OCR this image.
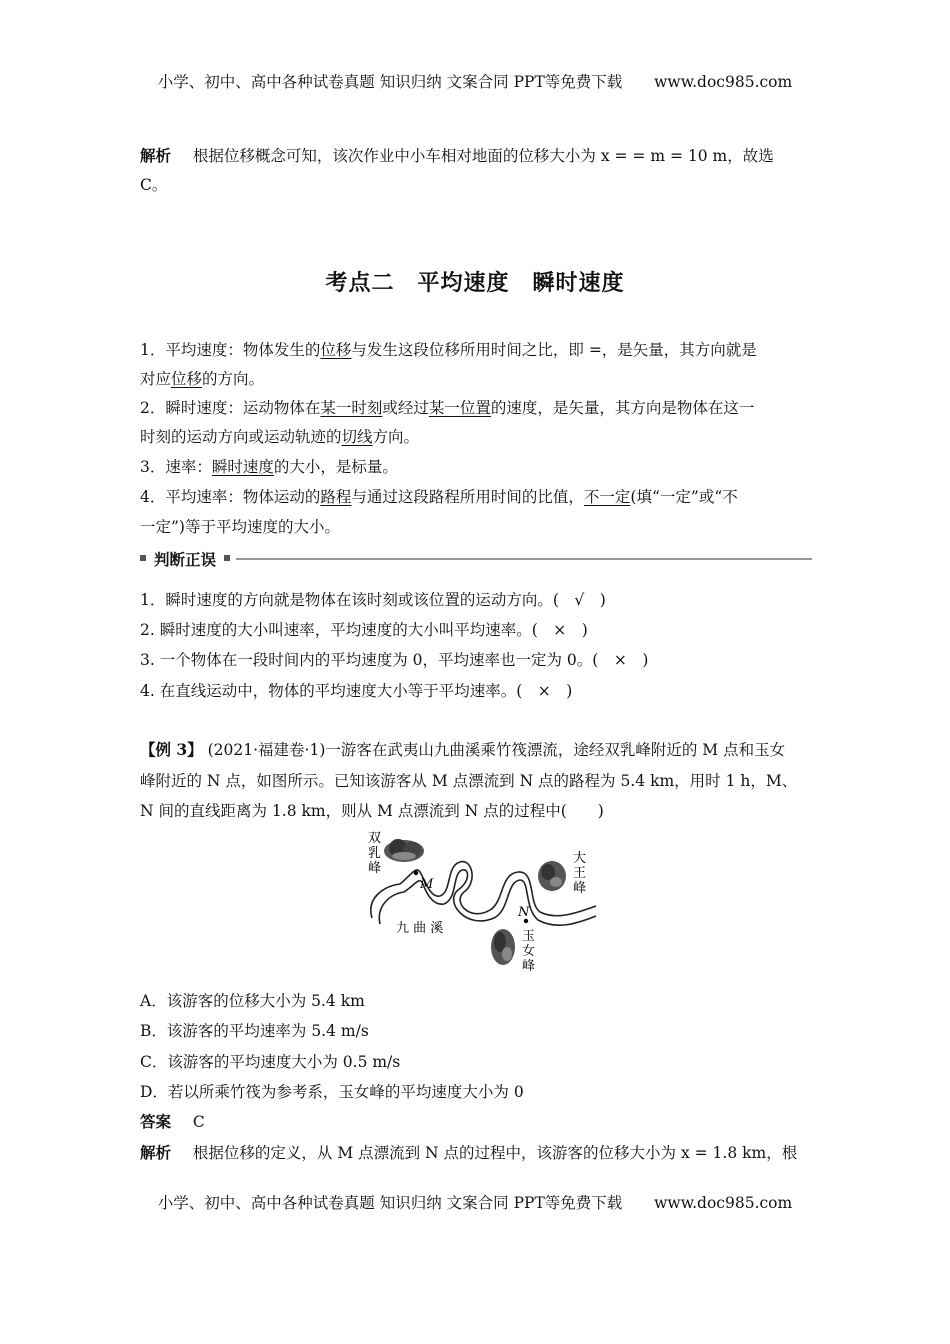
小学、初中、高中各种试卷真题 知识归纳 文案合同 PPT等免费下载 www.doc985.com
解析 根据位移概念可知，该次作业中小车相对地面的位移大小为 x = = m = 10 m，故选
C。
考点二　平均速度　瞬时速度
1．平均速度：物体发生的位移与发生这段位移所用时间之比，即 =，是矢量，其方向就是
对应位移的方向。
2．瞬时速度：运动物体在某一时刻或经过某一位置的速度，是矢量，其方向是物体在这一
时刻的运动方向或运动轨迹的切线方向。
3．速率：瞬时速度的大小，是标量。
4．平均速率：物体运动的路程与通过这段路程所用时间的比值，不一定(填“一定”或“不
一定”)等于平均速度的大小。
判断正误
1．瞬时速度的方向就是物体在该时刻或该位置的运动方向。(　√　)
2. 瞬时速度的大小叫速率，平均速度的大小叫平均速率。(　×　)
3. 一个物体在一段时间内的平均速度为 0，平均速率也一定为 0。(　×　)
4. 在直线运动中，物体的平均速度大小等于平均速率。(　×　)
【例 3】 (2021·福建卷·1)一游客在武夷山九曲溪乘竹筏漂流，途经双乳峰附近的 M 点和玉女
峰附近的 N 点，如图所示。已知该游客从 M 点漂流到 N 点的路程为 5.4 km，用时 1 h，M、
N 间的直线距离为 1.8 km，则从 M 点漂流到 N 点的过程中(　　)
双
乳
峰
大
王
峰
玉
女
峰
九 曲 溪
M
N
A．该游客的位移大小为 5.4 km
B．该游客的平均速率为 5.4 m/s
C．该游客的平均速度大小为 0.5 m/s
D．若以所乘竹筏为参考系，玉女峰的平均速度大小为 0
答案 C
解析 根据位移的定义，从 M 点漂流到 N 点的过程中，该游客的位移大小为 x = 1.8 km，根
小学、初中、高中各种试卷真题 知识归纳 文案合同 PPT等免费下载 www.doc985.com
